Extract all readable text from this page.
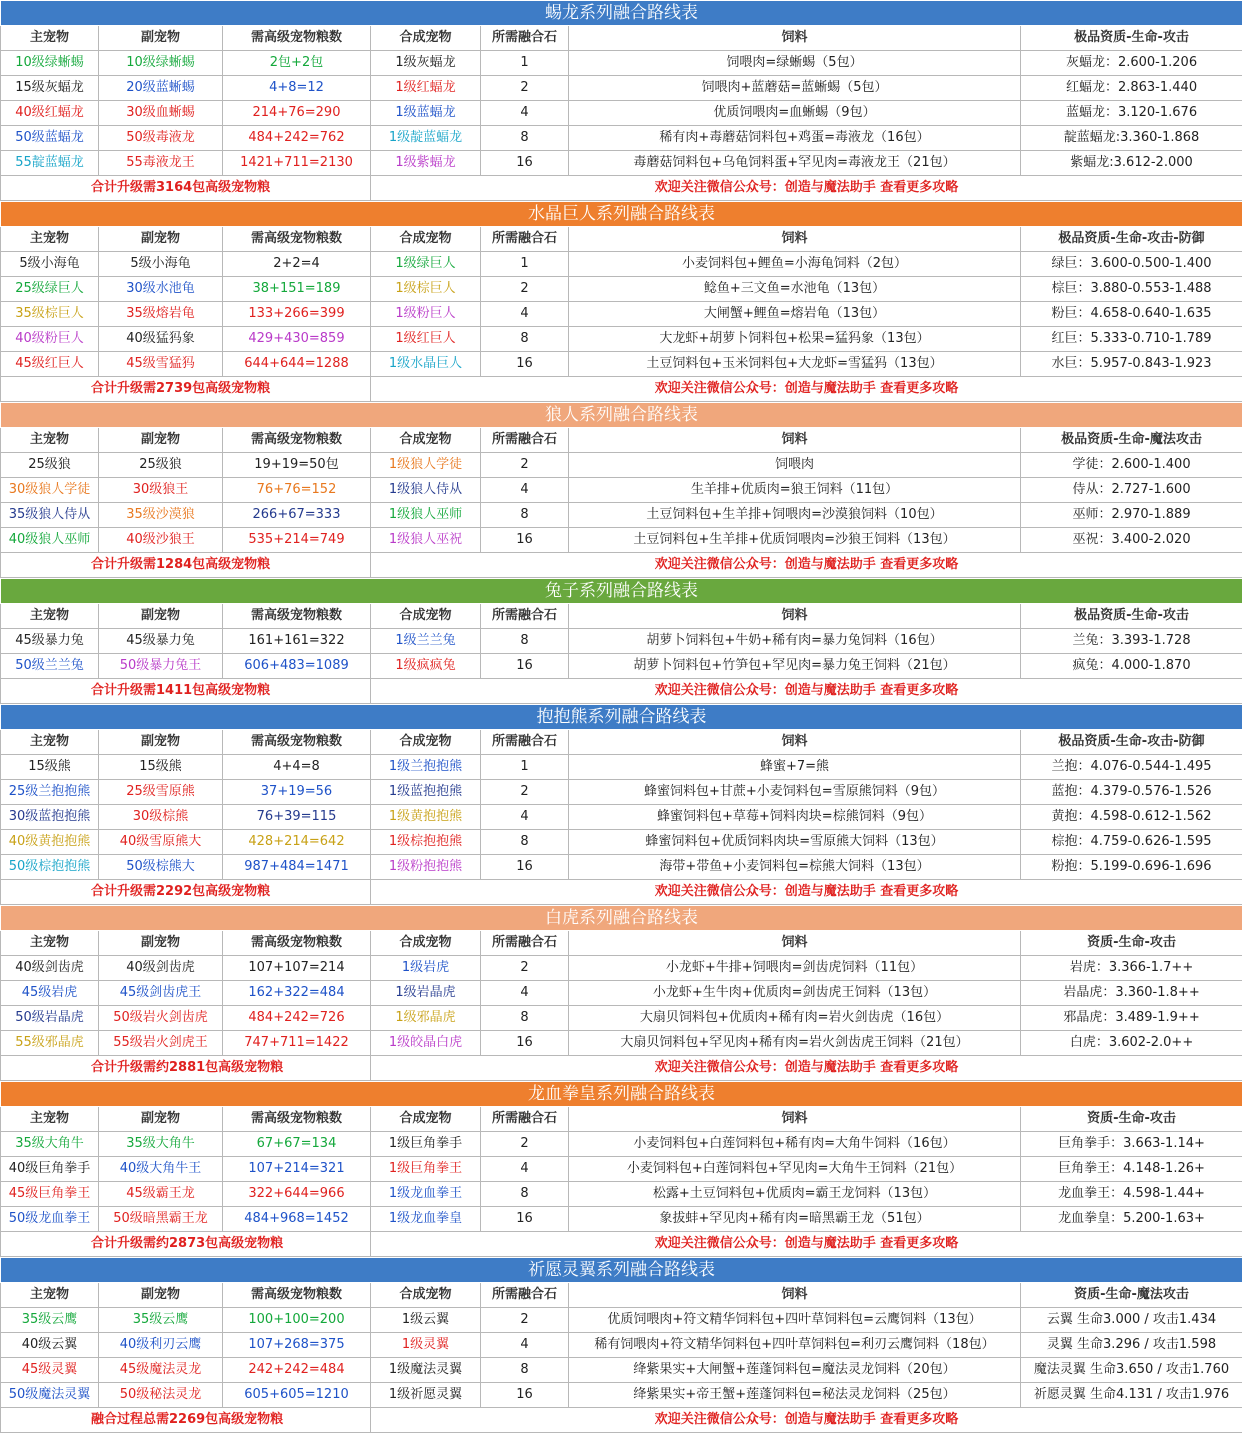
蜴龙系列融合路线表						
主宠物	副宠物	需高级宠物粮数	合成宠物	所需融合石	饲料	极品资质-生命-攻击
10级绿蜥蜴	10级绿蜥蜴	2包+2包	1级灰蝠龙	1	饲喂肉=绿蜥蜴（5包）	灰蝠龙：2.600-1.206
15级灰蝠龙	20级蓝蜥蜴	4+8=12	1级红蝠龙	2	饲喂肉+蓝蘑菇=蓝蜥蜴（5包）	红蝠龙：2.863-1.440
40级红蝠龙	30级血蜥蜴	214+76=290	1级蓝蝠龙	4	优质饲喂肉=血蜥蜴（9包）	蓝蝠龙：3.120-1.676
50级蓝蝠龙	50级毒液龙	484+242=762	1级靛蓝蝠龙	8	稀有肉+毒蘑菇饲料包+鸡蛋=毒液龙（16包）	靛蓝蝠龙:3.360-1.868
55靛蓝蝠龙	55毒液龙王	1421+711=2130	1级紫蝠龙	16	毒蘑菇饲料包+乌龟饲料蛋+罕见肉=毒液龙王（21包）	紫蝠龙:3.612-2.000
合计升级需3164包高级宠物粮			欢迎关注微信公众号：创造与魔法助手 查看更多攻略			
水晶巨人系列融合路线表						
主宠物	副宠物	需高级宠物粮数	合成宠物	所需融合石	饲料	极品资质-生命-攻击-防御
5级小海龟	5级小海龟	2+2=4	1级绿巨人	1	小麦饲料包+鲤鱼=小海龟饲料（2包）	绿巨：3.600-0.500-1.400
25级绿巨人	30级水池龟	38+151=189	1级棕巨人	2	鲶鱼+三文鱼=水池龟（13包）	棕巨：3.880-0.553-1.488
35级棕巨人	35级熔岩龟	133+266=399	1级粉巨人	4	大闸蟹+鲤鱼=熔岩龟（13包）	粉巨：4.658-0.640-1.635
40级粉巨人	40级猛犸象	429+430=859	1级红巨人	8	大龙虾+胡萝卜饲料包+松果=猛犸象（13包）	红巨：5.333-0.710-1.789
45级红巨人	45级雪猛犸	644+644=1288	1级水晶巨人	16	土豆饲料包+玉米饲料包+大龙虾=雪猛犸（13包）	水巨：5.957-0.843-1.923
合计升级需2739包高级宠物粮			欢迎关注微信公众号：创造与魔法助手 查看更多攻略			
狼人系列融合路线表						
主宠物	副宠物	需高级宠物粮数	合成宠物	所需融合石	饲料	极品资质-生命-魔法攻击
25级狼	25级狼	19+19=50包	1级狼人学徒	2	饲喂肉	学徒：2.600-1.400
30级狼人学徒	30级狼王	76+76=152	1级狼人侍从	4	生羊排+优质肉=狼王饲料（11包）	侍从：2.727-1.600
35级狼人侍从	35级沙漠狼	266+67=333	1级狼人巫师	8	土豆饲料包+生羊排+饲喂肉=沙漠狼饲料（10包）	巫师：2.970-1.889
40级狼人巫师	40级沙狼王	535+214=749	1级狼人巫祝	16	土豆饲料包+生羊排+优质饲喂肉=沙狼王饲料（13包）	巫祝：3.400-2.020
合计升级需1284包高级宠物粮			欢迎关注微信公众号：创造与魔法助手 查看更多攻略			
兔子系列融合路线表						
主宠物	副宠物	需高级宠物粮数	合成宠物	所需融合石	饲料	极品资质-生命-攻击
45级暴力兔	45级暴力兔	161+161=322	1级兰兰兔	8	胡萝卜饲料包+牛奶+稀有肉=暴力兔饲料（16包）	兰兔：3.393-1.728
50级兰兰兔	50级暴力兔王	606+483=1089	1级疯疯兔	16	胡萝卜饲料包+竹笋包+罕见肉=暴力兔王饲料（21包）	疯兔：4.000-1.870
合计升级需1411包高级宠物粮			欢迎关注微信公众号：创造与魔法助手 查看更多攻略			
抱抱熊系列融合路线表						
主宠物	副宠物	需高级宠物粮数	合成宠物	所需融合石	饲料	极品资质-生命-攻击-防御
15级熊	15级熊	4+4=8	1级兰抱抱熊	1	蜂蜜+7=熊	兰抱：4.076-0.544-1.495
25级兰抱抱熊	25级雪原熊	37+19=56	1级蓝抱抱熊	2	蜂蜜饲料包+甘蔗+小麦饲料包=雪原熊饲料（9包）	蓝抱：4.379-0.576-1.526
30级蓝抱抱熊	30级棕熊	76+39=115	1级黄抱抱熊	4	蜂蜜饲料包+草莓+饲料肉块=棕熊饲料（9包）	黄抱：4.598-0.612-1.562
40级黄抱抱熊	40级雪原熊大	428+214=642	1级棕抱抱熊	8	蜂蜜饲料包+优质饲料肉块=雪原熊大饲料（13包）	棕抱：4.759-0.626-1.595
50级棕抱抱熊	50级棕熊大	987+484=1471	1级粉抱抱熊	16	海带+带鱼+小麦饲料包=棕熊大饲料（13包）	粉抱：5.199-0.696-1.696
合计升级需2292包高级宠物粮			欢迎关注微信公众号：创造与魔法助手 查看更多攻略			
白虎系列融合路线表						
主宠物	副宠物	需高级宠物粮数	合成宠物	所需融合石	饲料	资质-生命-攻击
40级剑齿虎	40级剑齿虎	107+107=214	1级岩虎	2	小龙虾+牛排+饲喂肉=剑齿虎饲料（11包）	岩虎：3.366-1.7++
45级岩虎	45级剑齿虎王	162+322=484	1级岩晶虎	4	小龙虾+生牛肉+优质肉=剑齿虎王饲料（13包）	岩晶虎：3.360-1.8++
50级岩晶虎	50级岩火剑齿虎	484+242=726	1级邪晶虎	8	大扇贝饲料包+优质肉+稀有肉=岩火剑齿虎（16包）	邪晶虎：3.489-1.9++
55级邪晶虎	55级岩火剑虎王	747+711=1422	1级皎晶白虎	16	大扇贝饲料包+罕见肉+稀有肉=岩火剑齿虎王饲料（21包）	白虎：3.602-2.0++
合计升级需约2881包高级宠物粮			欢迎关注微信公众号：创造与魔法助手 查看更多攻略			
龙血拳皇系列融合路线表						
主宠物	副宠物	需高级宠物粮数	合成宠物	所需融合石	饲料	资质-生命-攻击
35级大角牛	35级大角牛	67+67=134	1级巨角拳手	2	小麦饲料包+白莲饲料包+稀有肉=大角牛饲料（16包）	巨角拳手：3.663-1.14+
40级巨角拳手	40级大角牛王	107+214=321	1级巨角拳王	4	小麦饲料包+白莲饲料包+罕见肉=大角牛王饲料（21包）	巨角拳王：4.148-1.26+
45级巨角拳王	45级霸王龙	322+644=966	1级龙血拳王	8	松露+土豆饲料包+优质肉=霸王龙饲料（13包）	龙血拳王：4.598-1.44+
50级龙血拳王	50级暗黑霸王龙	484+968=1452	1级龙血拳皇	16	象拔蚌+罕见肉+稀有肉=暗黑霸王龙（51包）	龙血拳皇：5.200-1.63+
合计升级需约2873包高级宠物粮			欢迎关注微信公众号：创造与魔法助手 查看更多攻略			
祈愿灵翼系列融合路线表						
主宠物	副宠物	需高级宠物粮数	合成宠物	所需融合石	饲料	资质-生命-魔法攻击
35级云鹰	35级云鹰	100+100=200	1级云翼	2	优质饲喂肉+符文精华饲料包+四叶草饲料包=云鹰饲料（13包）	云翼 生命3.000 / 攻击1.434
40级云翼	40级利刃云鹰	107+268=375	1级灵翼	4	稀有饲喂肉+符文精华饲料包+四叶草饲料包=利刃云鹰饲料（18包）	灵翼 生命3.296 / 攻击1.598
45级灵翼	45级魔法灵龙	242+242=484	1级魔法灵翼	8	绛紫果实+大闸蟹+莲蓬饲料包=魔法灵龙饲料（20包）	魔法灵翼 生命3.650 / 攻击1.760
50级魔法灵翼	50级秘法灵龙	605+605=1210	1级祈愿灵翼	16	绛紫果实+帝王蟹+莲蓬饲料包=秘法灵龙饲料（25包）	祈愿灵翼 生命4.131 / 攻击1.976
融合过程总需2269包高级宠物粮			欢迎关注微信公众号：创造与魔法助手 查看更多攻略			
